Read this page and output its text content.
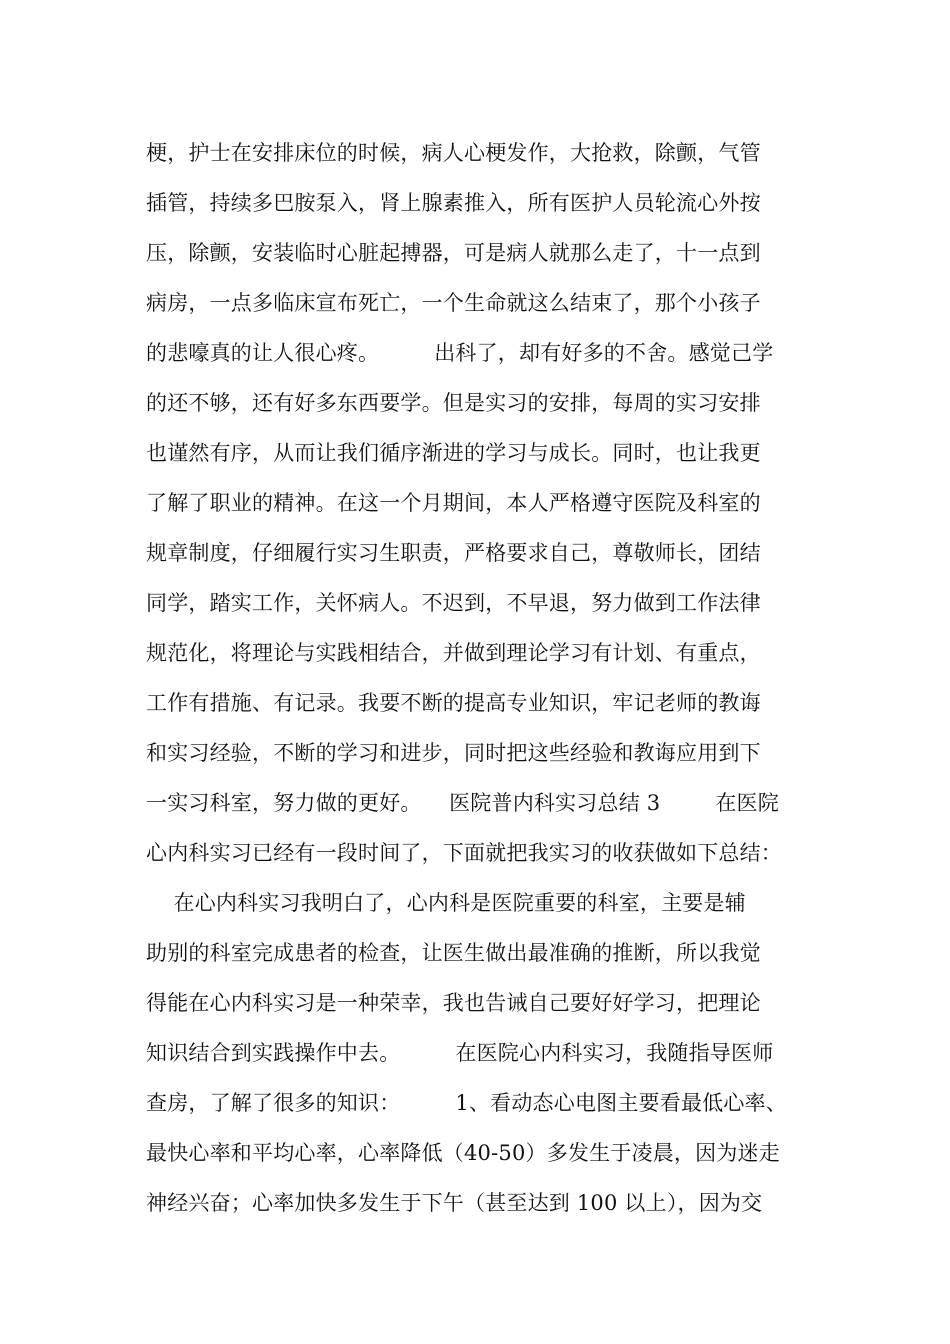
梗，护士在安排床位的时候，病人心梗发作，大抢救，除颤，气管
插管，持续多巴胺泵入，肾上腺素推入，所有医护人员轮流心外按
压，除颤，安装临时心脏起搏器，可是病人就那么走了，十一点到
病房，一点多临床宣布死亡，一个生命就这么结束了，那个小孩子
的悲嚎真的让人很心疼。        出科了，却有好多的不舍。感觉己学
的还不够，还有好多东西要学。但是实习的安排，每周的实习安排
也谨然有序，从而让我们循序渐进的学习与成长。同时，也让我更
了解了职业的精神。在这一个月期间，本人严格遵守医院及科室的
规章制度，仔细履行实习生职责，严格要求自己，尊敬师长，团结
同学，踏实工作，关怀病人。不迟到，不早退，努力做到工作法律
规范化，将理论与实践相结合，并做到理论学习有计划、有重点，
工作有措施、有记录。我要不断的提高专业知识，牢记老师的教诲
和实习经验，不断的学习和进步，同时把这些经验和教诲应用到下
一实习科室，努力做的更好。    医院普内科实习总结 3        在医院
心内科实习已经有一段时间了，下面就把我实习的收获做如下总结：
在心内科实习我明白了，心内科是医院重要的科室，主要是辅
助别的科室完成患者的检查，让医生做出最准确的推断，所以我觉
得能在心内科实习是一种荣幸，我也告诫自己要好好学习，把理论
知识结合到实践操作中去。        在医院心内科实习，我随指导医师
查房，了解了很多的知识：        1、看动态心电图主要看最低心率、
最快心率和平均心率，心率降低（40-50）多发生于凌晨，因为迷走
神经兴奋；心率加快多发生于下午（甚至达到 100 以上），因为交
